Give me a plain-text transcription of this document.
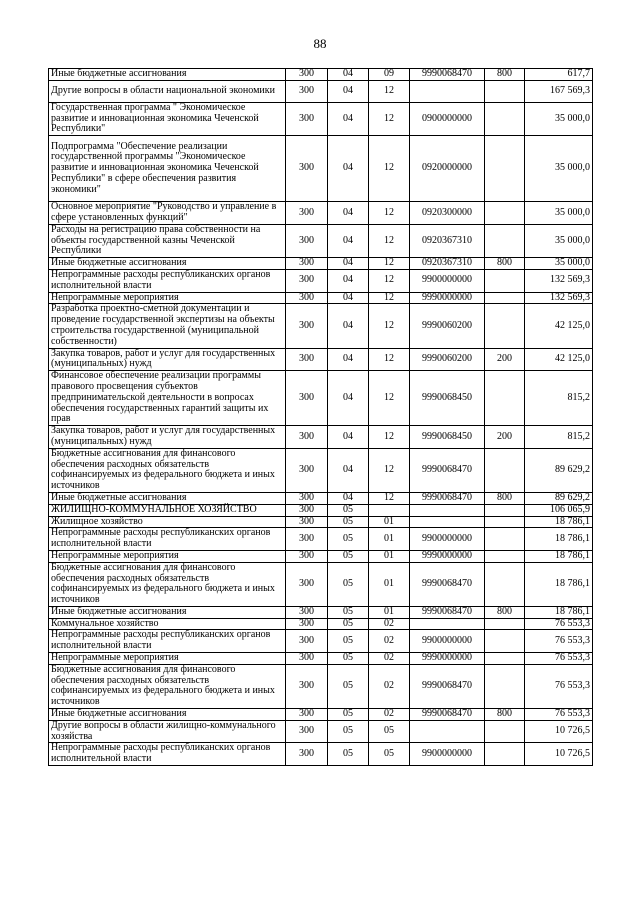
88
Иные бюджетные ассигнования	300	04	09	9990068470	800	617,7
Другие вопросы в области национальной экономики	300	04	12			167 569,3
Государственная программа " Экономическое развитие и инновационная экономика Чеченской Республики"	300	04	12	0900000000		35 000,0
Подпрограмма "Обеспечение реализации государственной программы "Экономическое развитие и инновационная экономика Чеченской Республики" в сфере обеспечения развития экономики"	300	04	12	0920000000		35 000,0
Основное мероприятие "Руководство и управление в сфере установленных функций"	300	04	12	0920300000		35 000,0
Расходы на регистрацию права собственности на объекты государственной казны Чеченской Республики	300	04	12	0920367310		35 000,0
Иные бюджетные ассигнования	300	04	12	0920367310	800	35 000,0
Непрограммные расходы республиканских органов исполнительной власти	300	04	12	9900000000		132 569,3
Непрограммные мероприятия	300	04	12	9990000000		132 569,3
Разработка проектно-сметной документации и проведение государственной экспертизы на объекты строительства государственной (муниципальной собственности)	300	04	12	9990060200		42 125,0
Закупка товаров, работ и услуг для государственных (муниципальных) нужд	300	04	12	9990060200	200	42 125,0
Финансовое обеспечение реализации программы правового просвещения субъектов предпринимательской деятельности в вопросах обеспечения государственных гарантий защиты их прав	300	04	12	9990068450		815,2
Закупка товаров, работ и услуг для государственных (муниципальных) нужд	300	04	12	9990068450	200	815,2
Бюджетные ассигнования для финансового обеспечения расходных обязательств софинансируемых из федерального бюджета и иных источников	300	04	12	9990068470		89 629,2
Иные бюджетные ассигнования	300	04	12	9990068470	800	89 629,2
ЖИЛИЩНО-КОММУНАЛЬНОЕ ХОЗЯЙСТВО	300	05				106 065,9
Жилищное хозяйство	300	05	01			18 786,1
Непрограммные расходы республиканских органов исполнительной власти	300	05	01	9900000000		18 786,1
Непрограммные мероприятия	300	05	01	9990000000		18 786,1
Бюджетные ассигнования для финансового обеспечения расходных обязательств софинансируемых из федерального бюджета и иных источников	300	05	01	9990068470		18 786,1
Иные бюджетные ассигнования	300	05	01	9990068470	800	18 786,1
Коммунальное хозяйство	300	05	02			76 553,3
Непрограммные расходы республиканских органов исполнительной власти	300	05	02	9900000000		76 553,3
Непрограммные мероприятия	300	05	02	9990000000		76 553,3
Бюджетные ассигнования для финансового обеспечения расходных обязательств софинансируемых из федерального бюджета и иных источников	300	05	02	9990068470		76 553,3
Иные бюджетные ассигнования	300	05	02	9990068470	800	76 553,3
Другие вопросы в области жилищно-коммунального хозяйства	300	05	05			10 726,5
Непрограммные расходы республиканских органов исполнительной власти	300	05	05	9900000000		10 726,5
